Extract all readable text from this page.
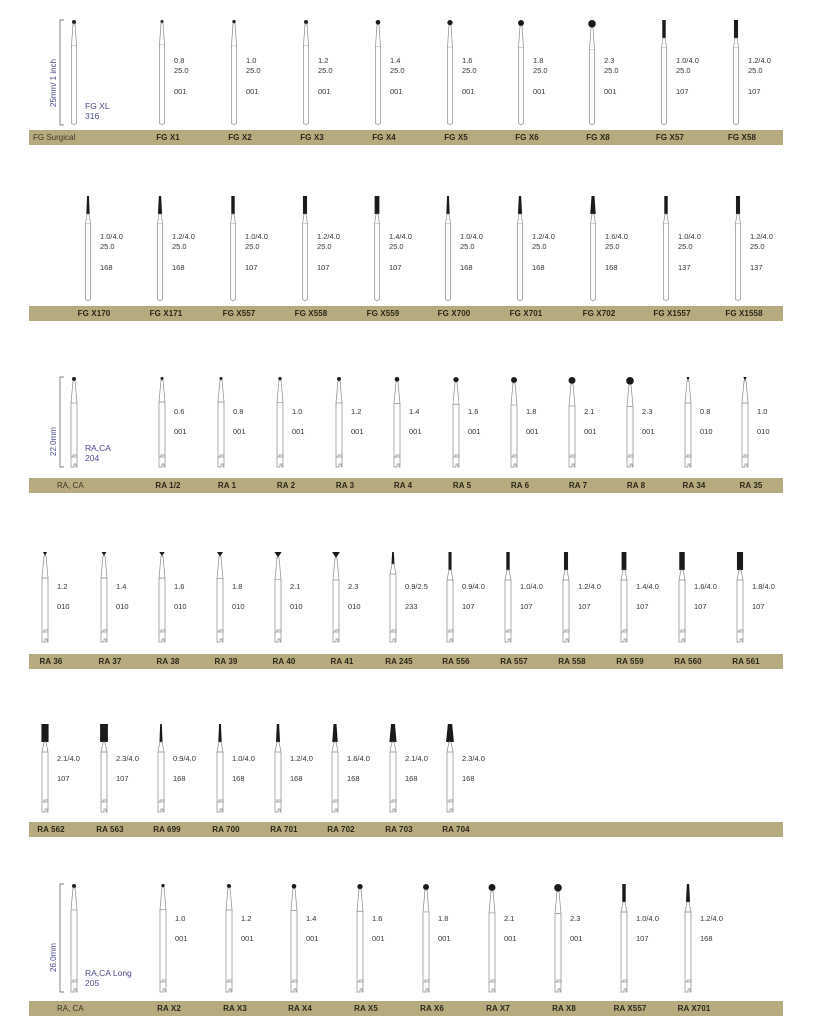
25mm/ 1 inch	FG XL
316
0.8
25.0
001
1.0
25.0
001
1.2
25.0
001
1.4
25.0
001
1.6
25.0
001
1.8
25.0
001
2.3
25.0
001
1.0/4.0
25.0
107
1.2/4.0
25.0
107
FG Surgical	FG X1	FG X2	FG X3	FG X4	FG X5	FG X6	FG X8	FG X57	FG X58
1.0/4.0
25.0
168
1.2/4.0
25.0
168
1.0/4.0
25.0
107
1.2/4.0
25.0
107
1.4/4.0
25.0
107
1.0/4.0
25.0
168
1.2/4.0
25.0
168
1.6/4.0
25.0
168
1.0/4.0
25.0
137
1.2/4.0
25.0
137
FG X170	FG X171	FG X557	FG X558	FG X559	FG X700	FG X701	FG X702	FG X1557	FG X1558
22.0mm	RA,CA
204
0.6
001
0.8
001
1.0
001
1.2
001
1.4
001
1.6
001
1.8
001
2.1
001
2.3
001
0.8
010
1.0
010
RA, CA	RA 1/2	RA 1	RA 2	RA 3	RA 4	RA 5	RA 6	RA 7	RA 8	RA 34	RA 35
1.2
010
1.4
010
1.6
010
1.8
010
2.1
010
2.3
010
0.9/2.5
233
0.9/4.0
107
1.0/4.0
107
1.2/4.0
107
1.4/4.0
107
1.6/4.0
107
1.8/4.0
107
RA 36	RA 37	RA 38	RA 39	RA 40	RA 41	RA 245	RA 556	RA 557	RA 558	RA 559	RA 560	RA 561
2.1/4.0
107
2.3/4.0
107
0.9/4.0
168
1.0/4.0
168
1.2/4.0
168
1.6/4.0
168
2.1/4.0
168
2.3/4.0
168
RA 562	RA 563	RA 699	RA 700	RA 701	RA 702	RA 703	RA 704
26.0mm
RA,CA Long
205
1.0
001
1.2
001
1.4
001
1.6
001
1.8
001
2.1
001
2.3
001
1.0/4.0
107
1.2/4.0
168
RA, CA	RA X2	RA X3	RA X4	RA X5	RA X6	RA X7	RA X8	RA X557	RA X701
